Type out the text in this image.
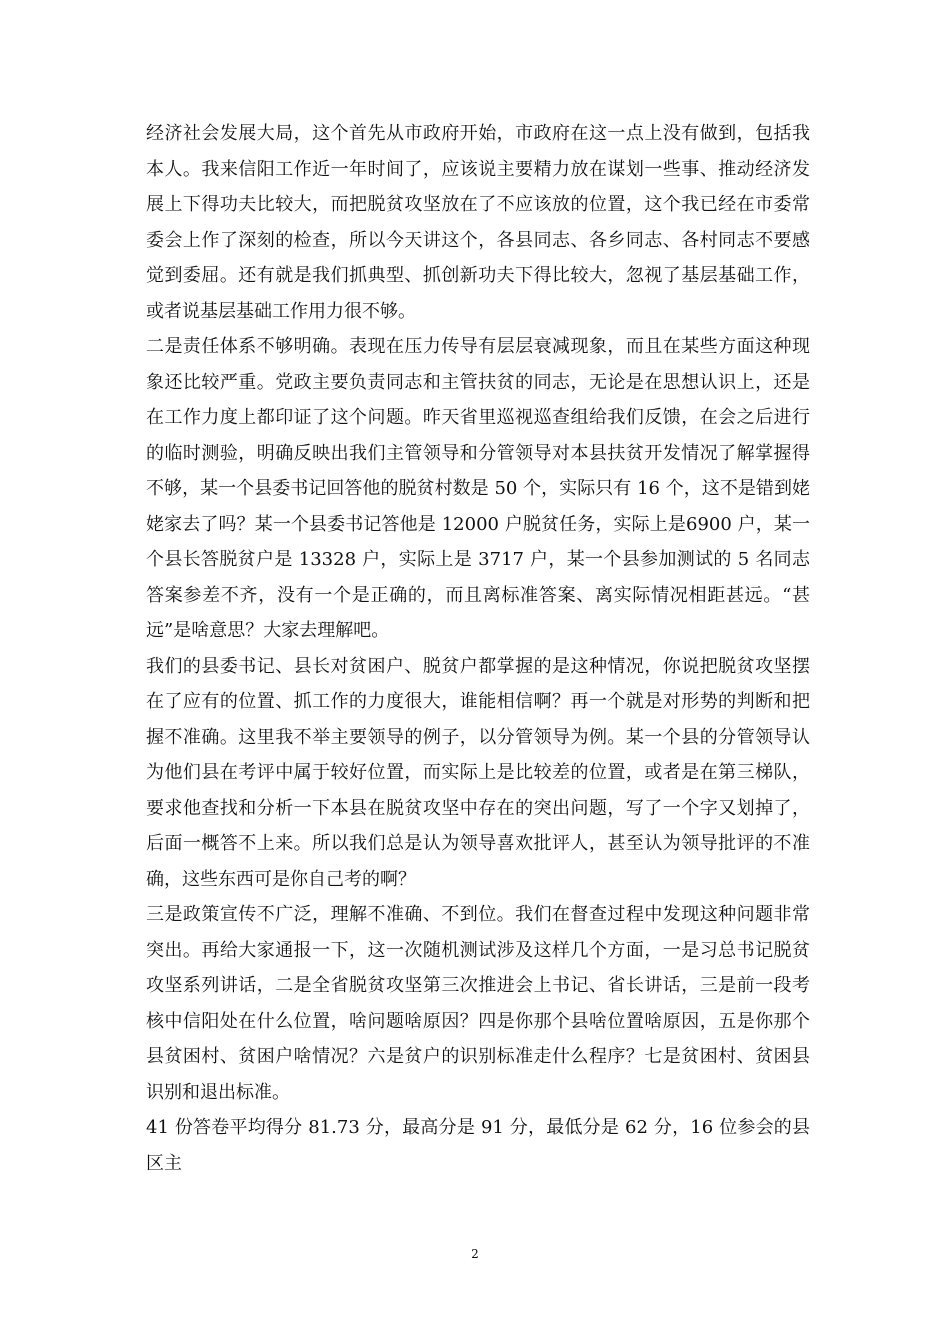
经济社会发展大局，这个首先从市政府开始，市政府在这一点上没有做到，包括我本人。我来信阳工作近一年时间了，应该说主要精力放在谋划一些事、推动经济发展上下得功夫比较大，而把脱贫攻坚放在了不应该放的位置，这个我已经在市委常委会上作了深刻的检查，所以今天讲这个，各县同志、各乡同志、各村同志不要感觉到委屈。还有就是我们抓典型、抓创新功夫下得比较大，忽视了基层基础工作，或者说基层基础工作用力很不够。

二是责任体系不够明确。表现在压力传导有层层衰减现象，而且在某些方面这种现象还比较严重。党政主要负责同志和主管扶贫的同志，无论是在思想认识上，还是在工作力度上都印证了这个问题。昨天省里巡视巡查组给我们反馈，在会之后进行的临时测验，明确反映出我们主管领导和分管领导对本县扶贫开发情况了解掌握得不够，某一个县委书记回答他的脱贫村数是 50 个，实际只有 16 个，这不是错到姥姥家去了吗？某一个县委书记答他是 12000 户脱贫任务，实际上是6900 户，某一个县长答脱贫户是 13328 户，实际上是 3717 户，某一个县参加测试的 5 名同志答案参差不齐，没有一个是正确的，而且离标准答案、离实际情况相距甚远。“甚远”是啥意思？大家去理解吧。

我们的县委书记、县长对贫困户、脱贫户都掌握的是这种情况，你说把脱贫攻坚摆在了应有的位置、抓工作的力度很大，谁能相信啊？再一个就是对形势的判断和把握不准确。这里我不举主要领导的例子，以分管领导为例。某一个县的分管领导认为他们县在考评中属于较好位置，而实际上是比较差的位置，或者是在第三梯队，要求他查找和分析一下本县在脱贫攻坚中存在的突出问题，写了一个字又划掉了，后面一概答不上来。所以我们总是认为领导喜欢批评人，甚至认为领导批评的不准确，这些东西可是你自己考的啊？

三是政策宣传不广泛，理解不准确、不到位。我们在督查过程中发现这种问题非常突出。再给大家通报一下，这一次随机测试涉及这样几个方面，一是习总书记脱贫攻坚系列讲话，二是全省脱贫攻坚第三次推进会上书记、省长讲话，三是前一段考核中信阳处在什么位置，啥问题啥原因？四是你那个县啥位置啥原因，五是你那个县贫困村、贫困户啥情况？六是贫户的识别标准走什么程序？七是贫困村、贫困县识别和退出标准。

41 份答卷平均得分 81.73 分，最高分是 91 分，最低分是 62 分，16 位参会的县区主

2
